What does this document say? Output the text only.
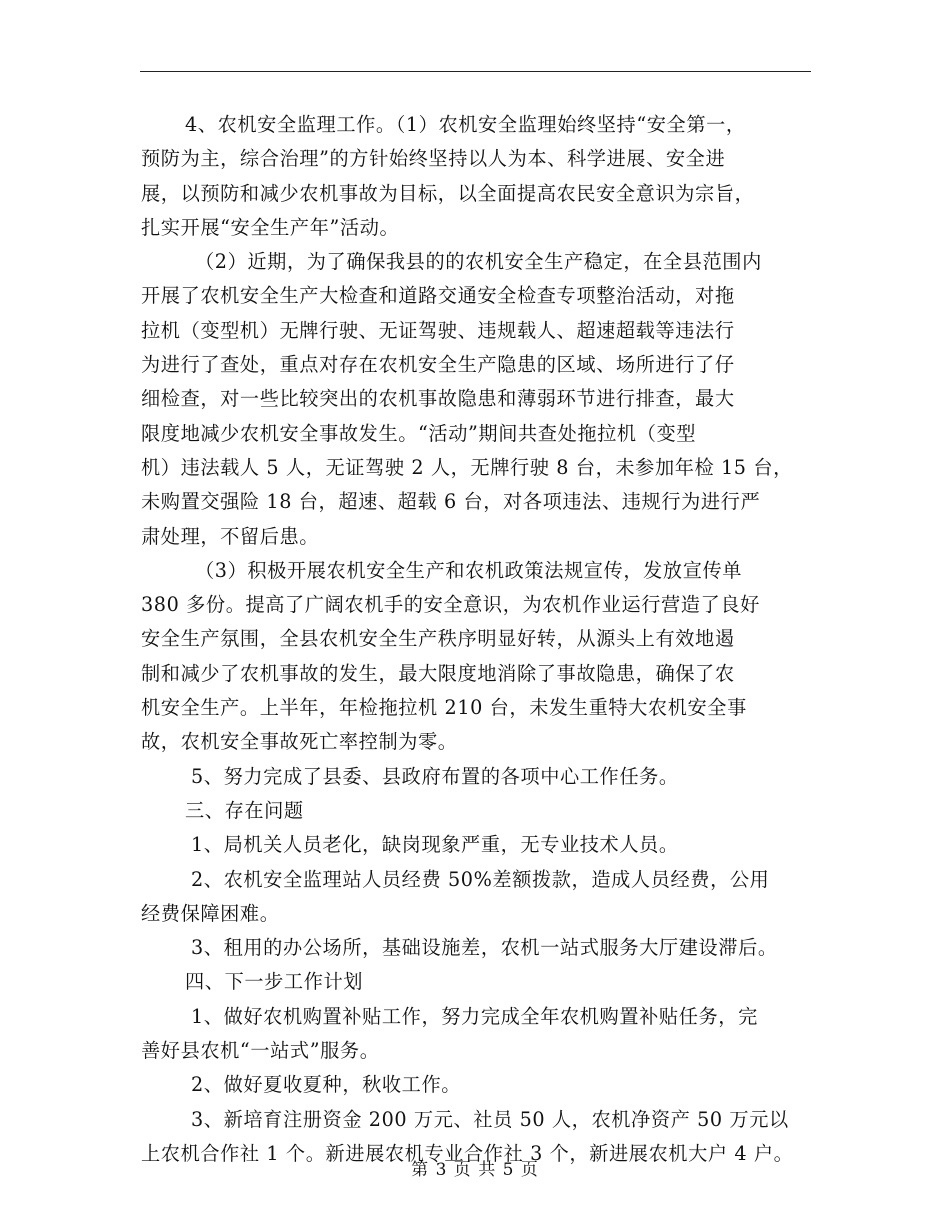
4、农机安全监理工作。（1）农机安全监理始终坚持“安全第一，
预防为主，综合治理”的方针始终坚持以人为本、科学进展、安全进
展，以预防和减少农机事故为目标，以全面提高农民安全意识为宗旨，
扎实开展“安全生产年”活动。
（2）近期，为了确保我县的的农机安全生产稳定，在全县范围内
开展了农机安全生产大检查和道路交通安全检查专项整治活动，对拖
拉机（变型机）无牌行驶、无证驾驶、违规载人、超速超载等违法行
为进行了查处，重点对存在农机安全生产隐患的区域、场所进行了仔
细检查，对一些比较突出的农机事故隐患和薄弱环节进行排查，最大
限度地减少农机安全事故发生。“活动”期间共查处拖拉机（变型
机）违法载人 5 人，无证驾驶 2 人，无牌行驶 8 台，未参加年检 15 台，
未购置交强险 18 台，超速、超载 6 台，对各项违法、违规行为进行严
肃处理，不留后患。
（3）积极开展农机安全生产和农机政策法规宣传，发放宣传单
380 多份。提高了广阔农机手的安全意识，为农机作业运行营造了良好
安全生产氛围，全县农机安全生产秩序明显好转，从源头上有效地遏
制和减少了农机事故的发生，最大限度地消除了事故隐患，确保了农
机安全生产。上半年，年检拖拉机 210 台，未发生重特大农机安全事
故，农机安全事故死亡率控制为零。
5、努力完成了县委、县政府布置的各项中心工作任务。
三、存在问题
1、局机关人员老化，缺岗现象严重，无专业技术人员。
2、农机安全监理站人员经费 50%差额拨款，造成人员经费，公用
经费保障困难。
3、租用的办公场所，基础设施差，农机一站式服务大厅建设滞后。
四、下一步工作计划
1、做好农机购置补贴工作，努力完成全年农机购置补贴任务，完
善好县农机“一站式”服务。
2、做好夏收夏种，秋收工作。
3、新培育注册资金 200 万元、社员 50 人，农机净资产 50 万元以
上农机合作社 1 个。新进展农机专业合作社 3 个，新进展农机大户 4 户。
第 3 页 共 5 页
